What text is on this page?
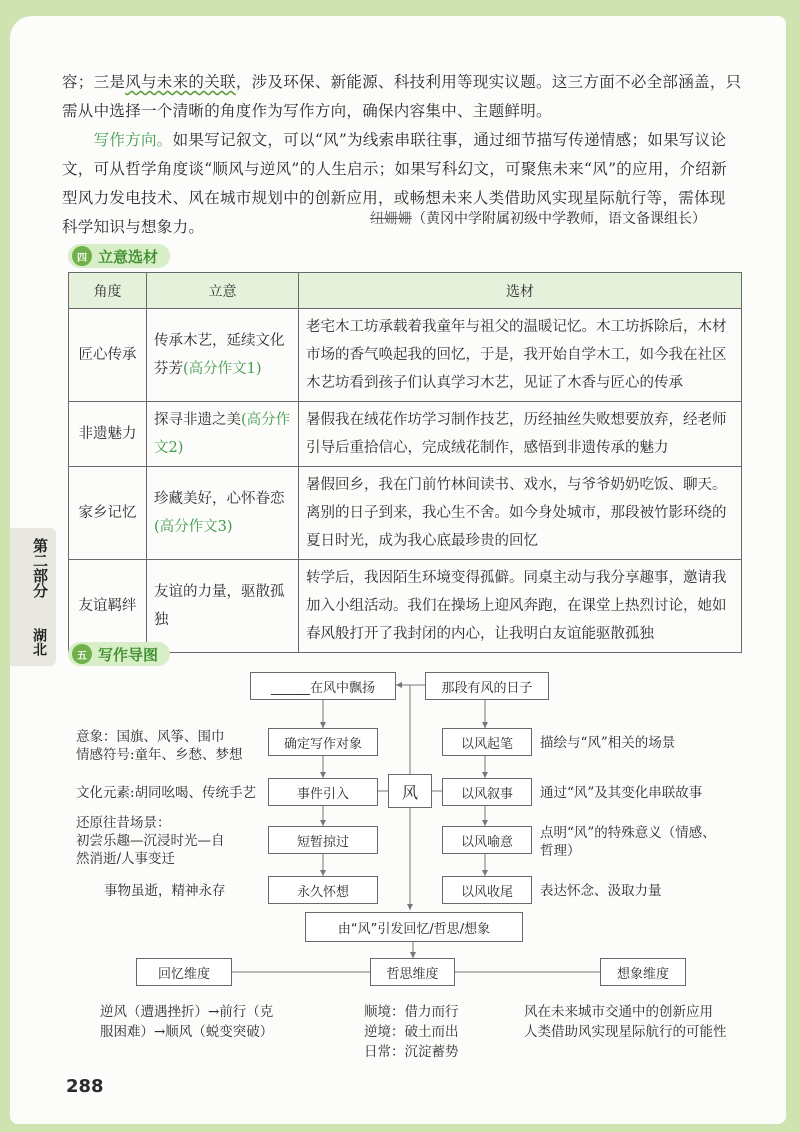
容；三是风与未来的关联，涉及环保、新能源、科技利用等现实议题。这三方面不必全部涵盖，只
需从中选择一个清晰的角度作为写作方向，确保内容集中、主题鲜明。
　　写作方向。如果写记叙文，可以“风”为线索串联往事，通过细节描写传递情感；如果写议论
文，可从哲学角度谈“顺风与逆风”的人生启示；如果写科幻文，可聚焦未来“风”的应用，介绍新
型风力发电技术、风在城市规划中的创新应用，或畅想未来人类借助风实现星际航行等，需体现
科学知识与想象力。	纽姗姗（黄冈中学附属初级中学教师，语文备课组长）
四 立意选材
角度	立意	选材
匠心传承	传承木艺，延续文化芬芳(高分作文1)	老宅木工坊承载着我童年与祖父的温暖记忆。木工坊拆除后，木材市场的香气唤起我的回忆，于是，我开始自学木工，如今我在社区木艺坊看到孩子们认真学习木艺，见证了木香与匠心的传承
非遗魅力	探寻非遗之美(高分作文2)	暑假我在绒花作坊学习制作技艺，历经抽丝失败想要放弃，经老师引导后重拾信心，完成绒花制作，感悟到非遗传承的魅力
家乡记忆	珍藏美好，心怀眷恋(高分作文3)	暑假回乡，我在门前竹林间读书、戏水，与爷爷奶奶吃饭、聊天。离别的日子到来，我心生不舍。如今身处城市，那段被竹影环绕的夏日时光，成为我心底最珍贵的回忆
友谊羁绊	友谊的力量，驱散孤独	转学后，我因陌生环境变得孤僻。同桌主动与我分享趣事，邀请我加入小组活动。我们在操场上迎风奔跑，在课堂上热烈讨论，她如春风般打开了我封闭的内心，让我明白友谊能驱散孤独
第二部分
湖北	五 写作导图
______在风中飘扬	那段有风的日子
确定写作对象
事件引入
短暂掠过
永久怀想
风
以风起笔
以风叙事
以风喻意
以风收尾
由“风”引发回忆/哲思/想象
回忆维度	哲思维度	想象维度
意象：国旗、风筝、围巾
情感符号:童年、乡愁、梦想
文化元素:胡同吆喝、传统手艺
还原往昔场景：
初尝乐趣—沉浸时光—自
然消逝/人事变迁
事物虽逝，精神永存
描绘与“风”相关的场景
通过“风”及其变化串联故事
点明“风”的特殊意义（情感、
哲理）
表达怀念、汲取力量
逆风（遭遇挫折）→前行（克
服困难）→顺风（蜕变突破）
顺境：借力而行
逆境：破土而出
日常：沉淀蓄势
风在未来城市交通中的创新应用
人类借助风实现星际航行的可能性
288
